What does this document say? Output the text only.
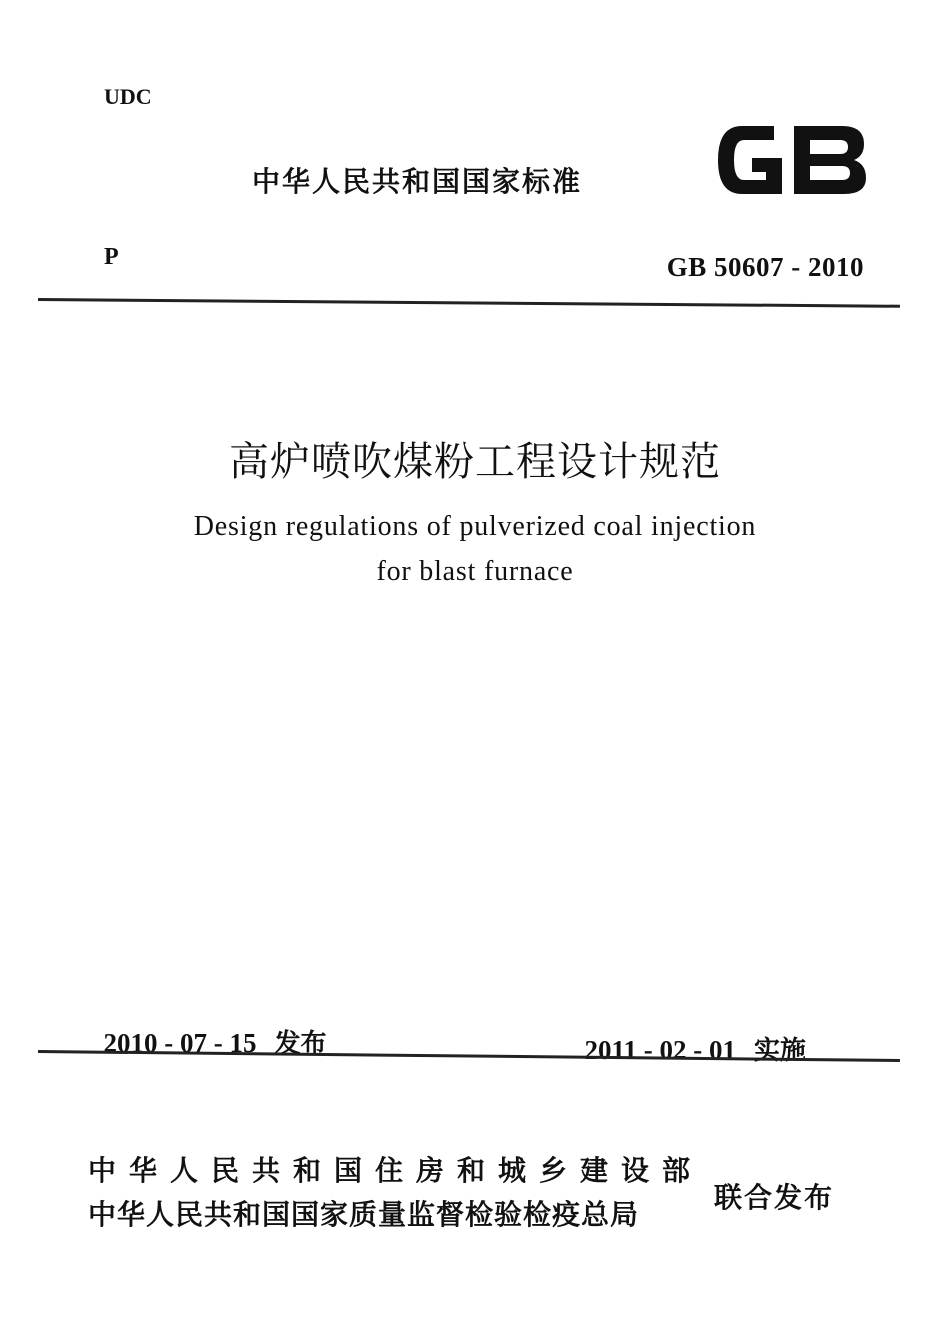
UDC
中华人民共和国国家标准
P	GB 50607 - 2010
高炉喷吹煤粉工程设计规范
Design regulations of pulverized coal injection
for blast furnace

2010 - 07 - 15 发布	2011 - 02 - 01 实施

中华人民共和国住房和城乡建设部
中华人民共和国国家质量监督检验检疫总局
联合发布
